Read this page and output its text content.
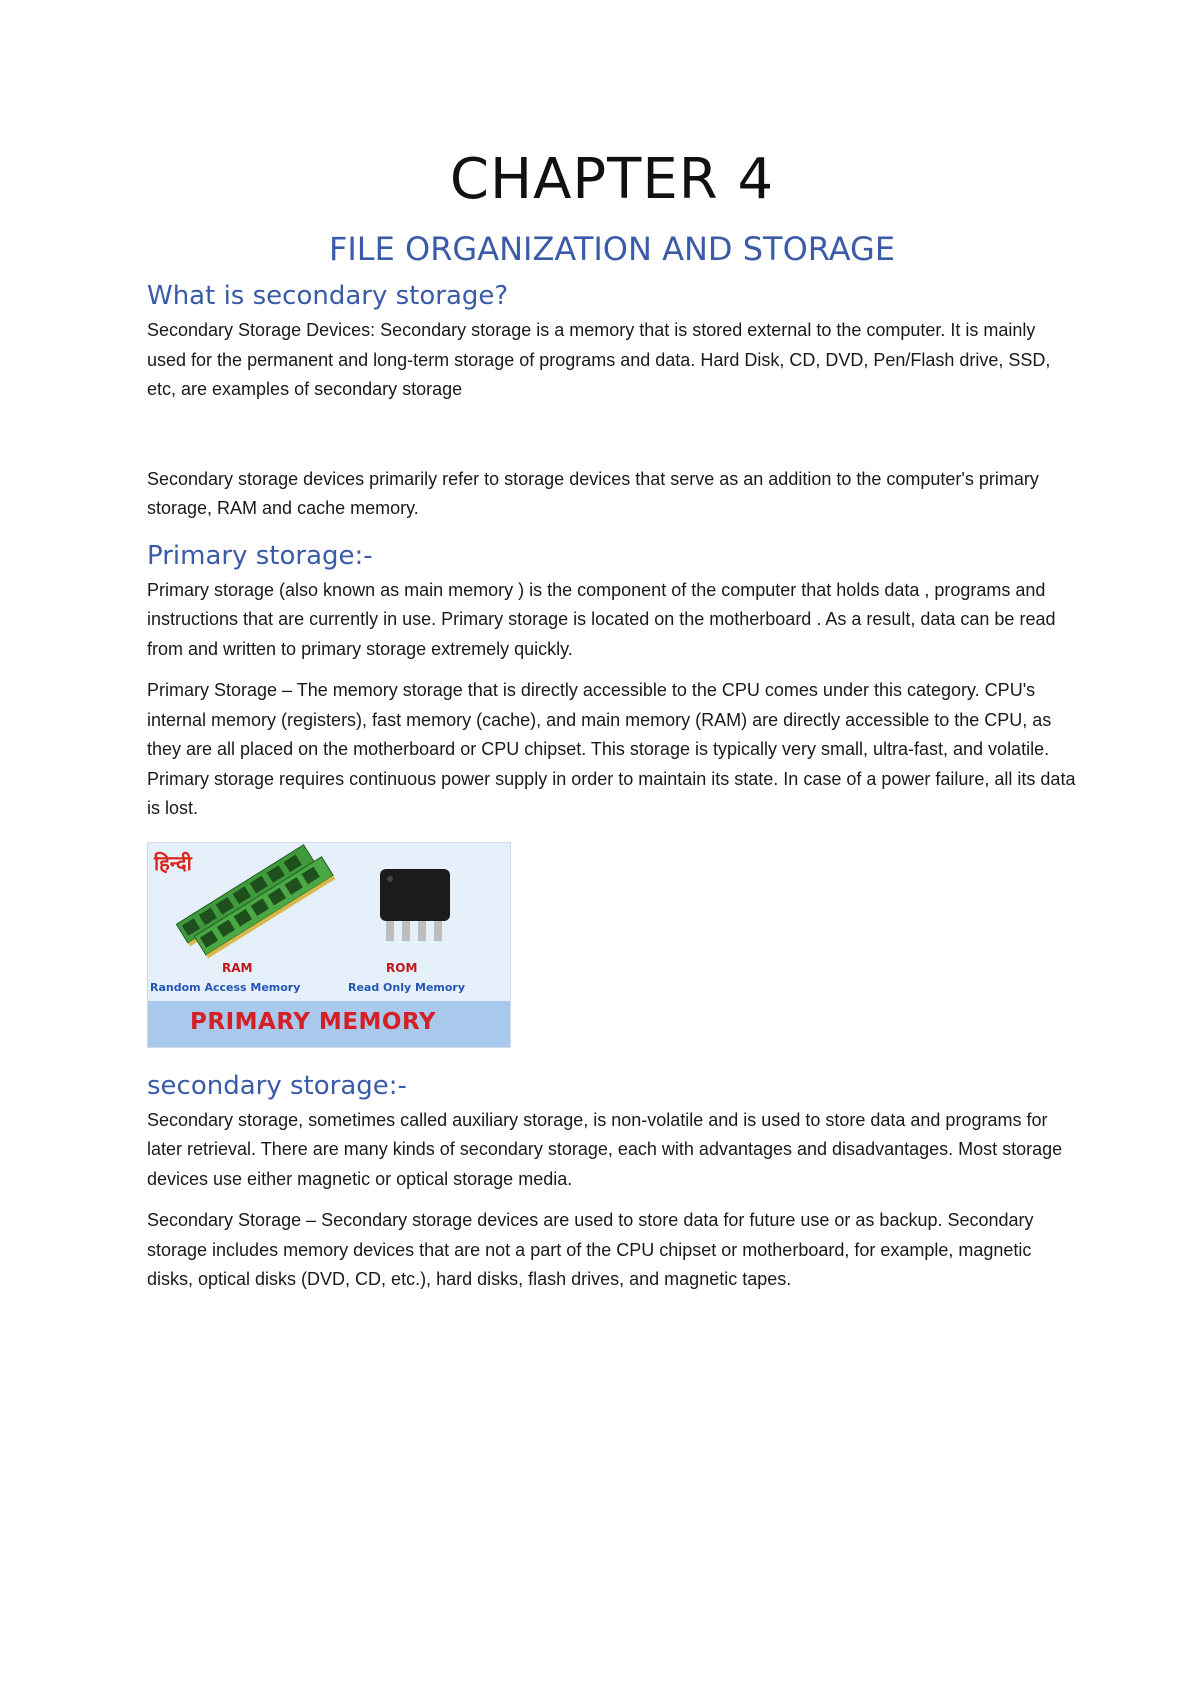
CHAPTER 4
FILE ORGANIZATION AND STORAGE
What is secondary storage?

Secondary Storage Devices: Secondary storage is a memory that is stored external to the computer. It is mainly used for the permanent and long-term storage of programs and data. Hard Disk, CD, DVD, Pen/Flash drive, SSD, etc, are examples of secondary storage

Secondary storage devices primarily refer to storage devices that serve as an addition to the computer's primary storage, RAM and cache memory.

Primary storage:-

Primary storage (also known as main memory ) is the component of the computer that holds data , programs and instructions that are currently in use. Primary storage is located on the motherboard . As a result, data can be read from and written to primary storage extremely quickly.

Primary Storage – The memory storage that is directly accessible to the CPU comes under this category. CPU's internal memory (registers), fast memory (cache), and main memory (RAM) are directly accessible to the CPU, as they are all placed on the motherboard or CPU chipset. This storage is typically very small, ultra-fast, and volatile. Primary storage requires continuous power supply in order to maintain its state. In case of a power failure, all its data is lost.

हिन्दी
RAM	ROM
Random Access Memory	Read Only Memory
PRIMARY MEMORY
secondary storage:-

Secondary storage, sometimes called auxiliary storage, is non-volatile and is used to store data and programs for later retrieval. There are many kinds of secondary storage, each with advantages and disadvantages. Most storage devices use either magnetic or optical storage media.

Secondary Storage – Secondary storage devices are used to store data for future use or as backup. Secondary storage includes memory devices that are not a part of the CPU chipset or motherboard, for example, magnetic disks, optical disks (DVD, CD, etc.), hard disks, flash drives, and magnetic tapes.
